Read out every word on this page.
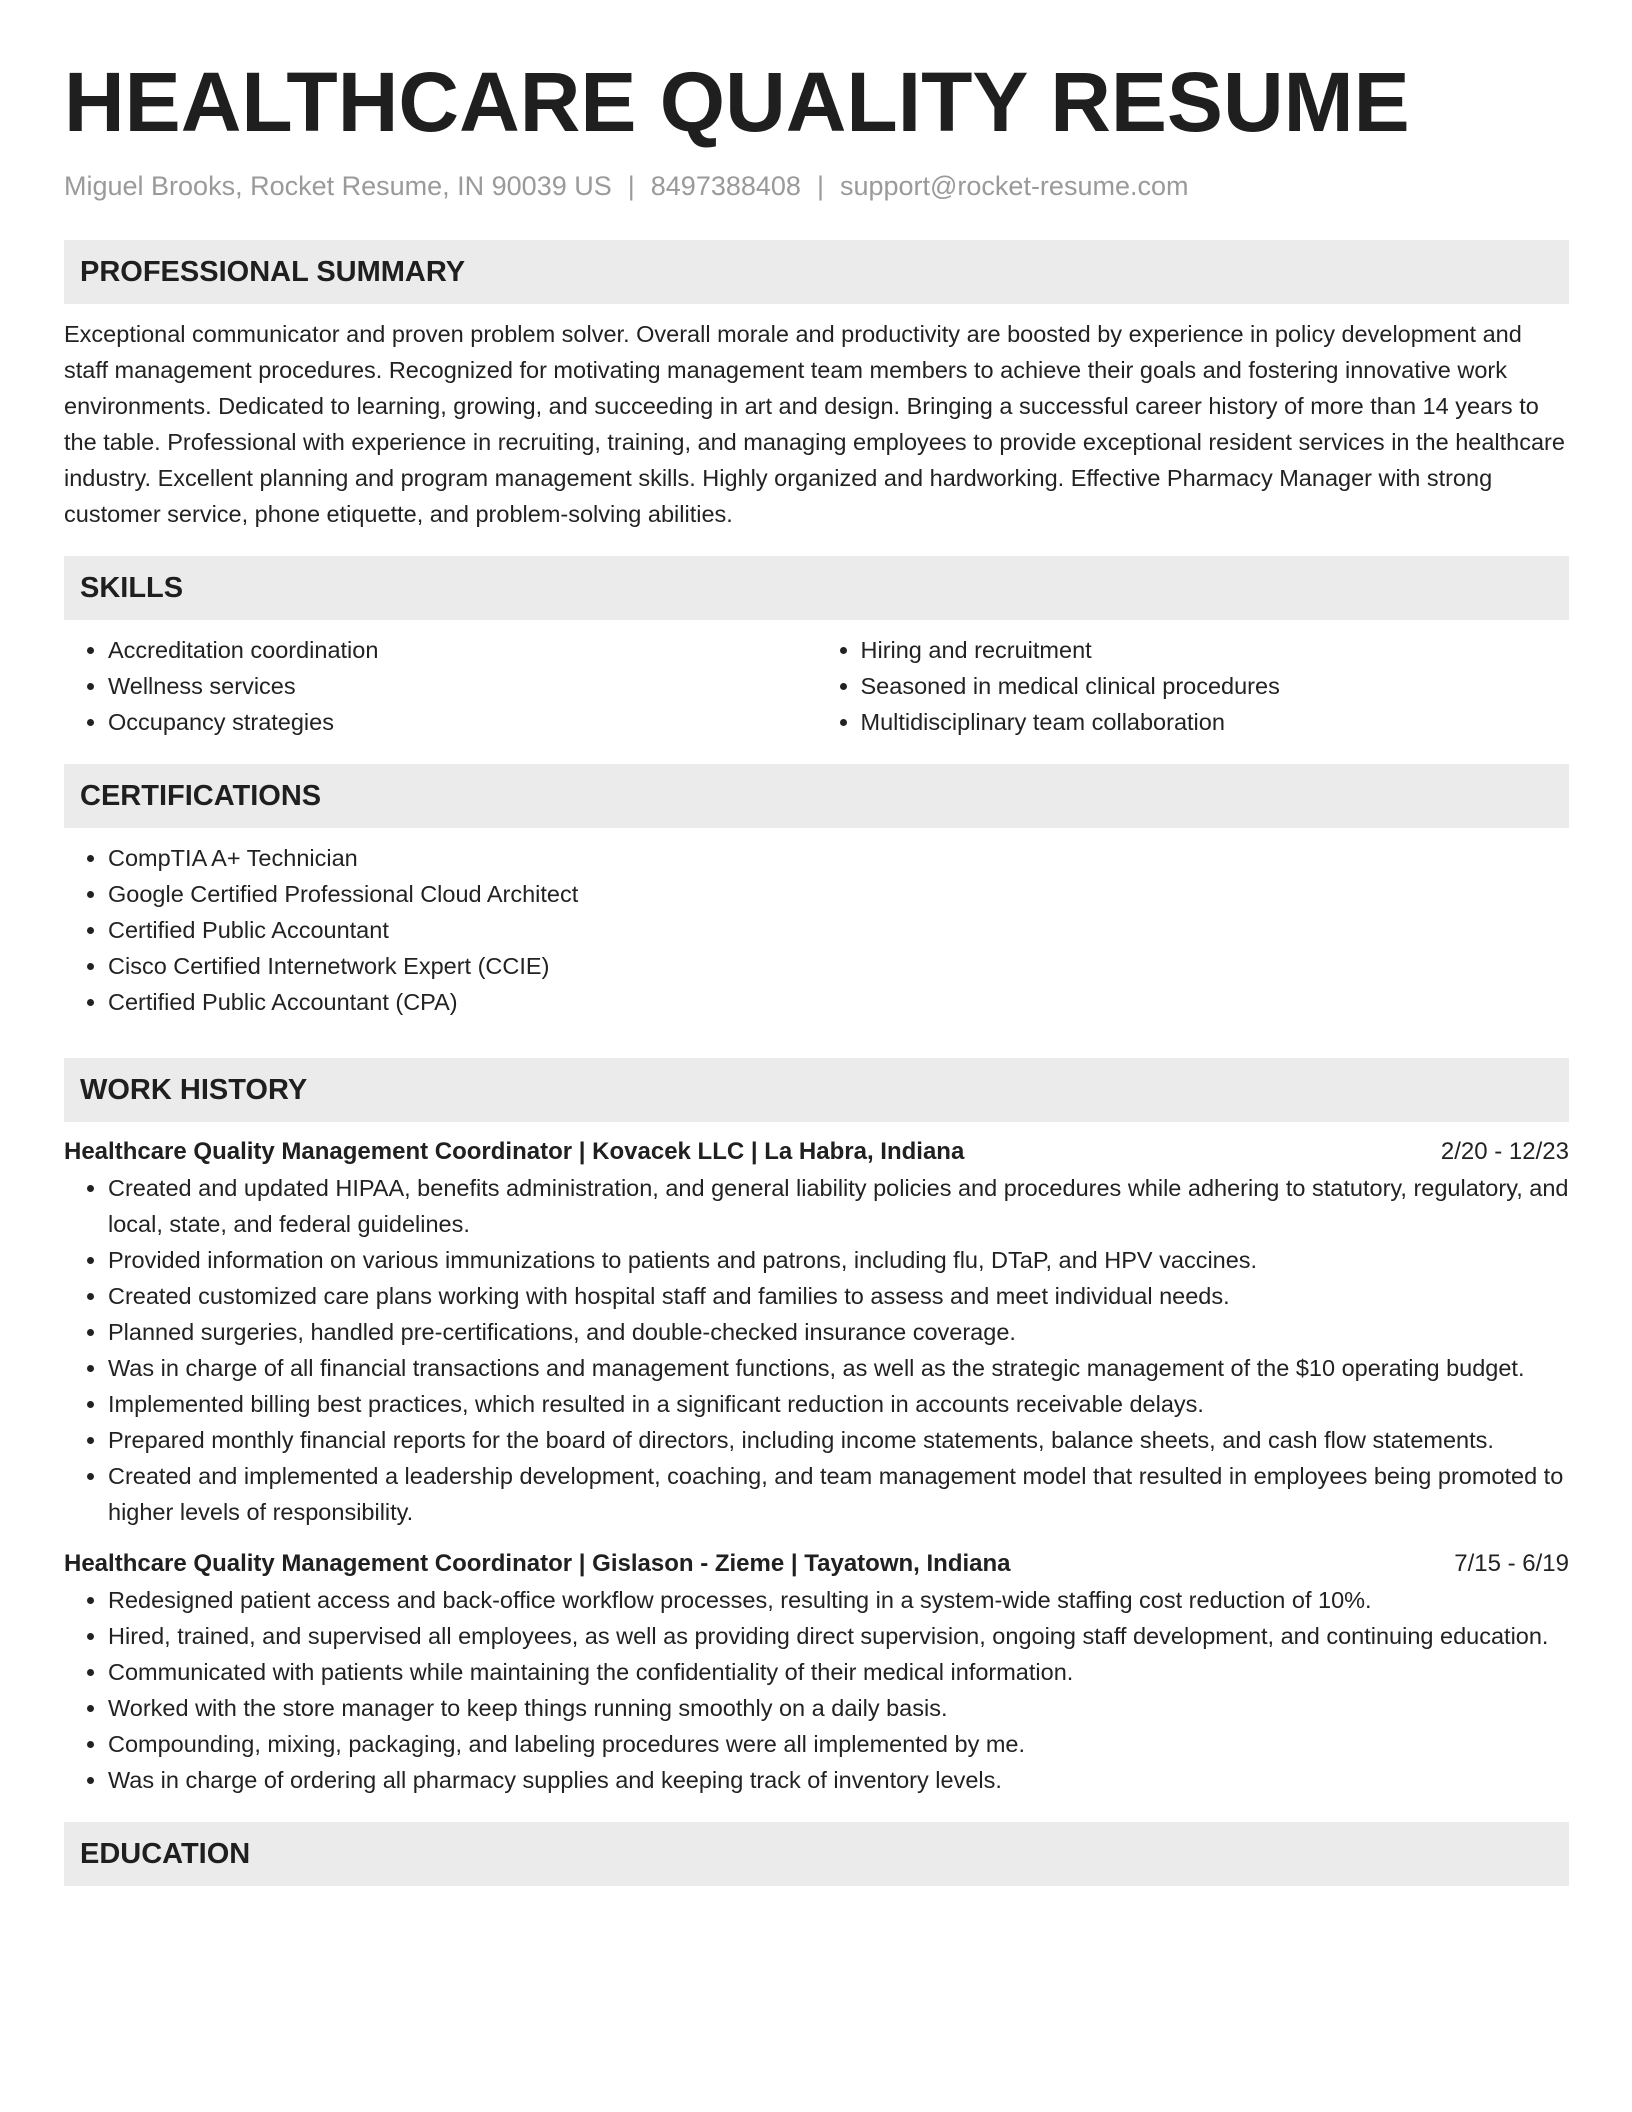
HEALTHCARE QUALITY RESUME
Miguel Brooks, Rocket Resume, IN 90039 US | 8497388408 | support@rocket-resume.com
PROFESSIONAL SUMMARY

Exceptional communicator and proven problem solver. Overall morale and productivity are boosted by experience in policy development and staff management procedures. Recognized for motivating management team members to achieve their goals and fostering innovative work environments. Dedicated to learning, growing, and succeeding in art and design. Bringing a successful career history of more than 14 years to the table. Professional with experience in recruiting, training, and managing employees to provide exceptional resident services in the healthcare industry. Excellent planning and program management skills. Highly organized and hardworking. Effective Pharmacy Manager with strong customer service, phone etiquette, and problem-solving abilities.

SKILLS
• Accreditation coordination
• Wellness services
• Occupancy strategies
• Hiring and recruitment
• Seasoned in medical clinical procedures
• Multidisciplinary team collaboration
CERTIFICATIONS
• CompTIA A+ Technician
• Google Certified Professional Cloud Architect
• Certified Public Accountant
• Cisco Certified Internetwork Expert (CCIE)
• Certified Public Accountant (CPA)
WORK HISTORY
Healthcare Quality Management Coordinator | Kovacek LLC | La Habra, Indiana	2/20 - 12/23
• Created and updated HIPAA, benefits administration, and general liability policies and procedures while adhering to statutory, regulatory, and local, state, and federal guidelines.
• Provided information on various immunizations to patients and patrons, including flu, DTaP, and HPV vaccines.
• Created customized care plans working with hospital staff and families to assess and meet individual needs.
• Planned surgeries, handled pre-certifications, and double-checked insurance coverage.
• Was in charge of all financial transactions and management functions, as well as the strategic management of the $10 operating budget.
• Implemented billing best practices, which resulted in a significant reduction in accounts receivable delays.
• Prepared monthly financial reports for the board of directors, including income statements, balance sheets, and cash flow statements.
• Created and implemented a leadership development, coaching, and team management model that resulted in employees being promoted to higher levels of responsibility.
Healthcare Quality Management Coordinator | Gislason - Zieme | Tayatown, Indiana	7/15 - 6/19
• Redesigned patient access and back-office workflow processes, resulting in a system-wide staffing cost reduction of 10%.
• Hired, trained, and supervised all employees, as well as providing direct supervision, ongoing staff development, and continuing education.
• Communicated with patients while maintaining the confidentiality of their medical information.
• Worked with the store manager to keep things running smoothly on a daily basis.
• Compounding, mixing, packaging, and labeling procedures were all implemented by me.
• Was in charge of ordering all pharmacy supplies and keeping track of inventory levels.
EDUCATION
